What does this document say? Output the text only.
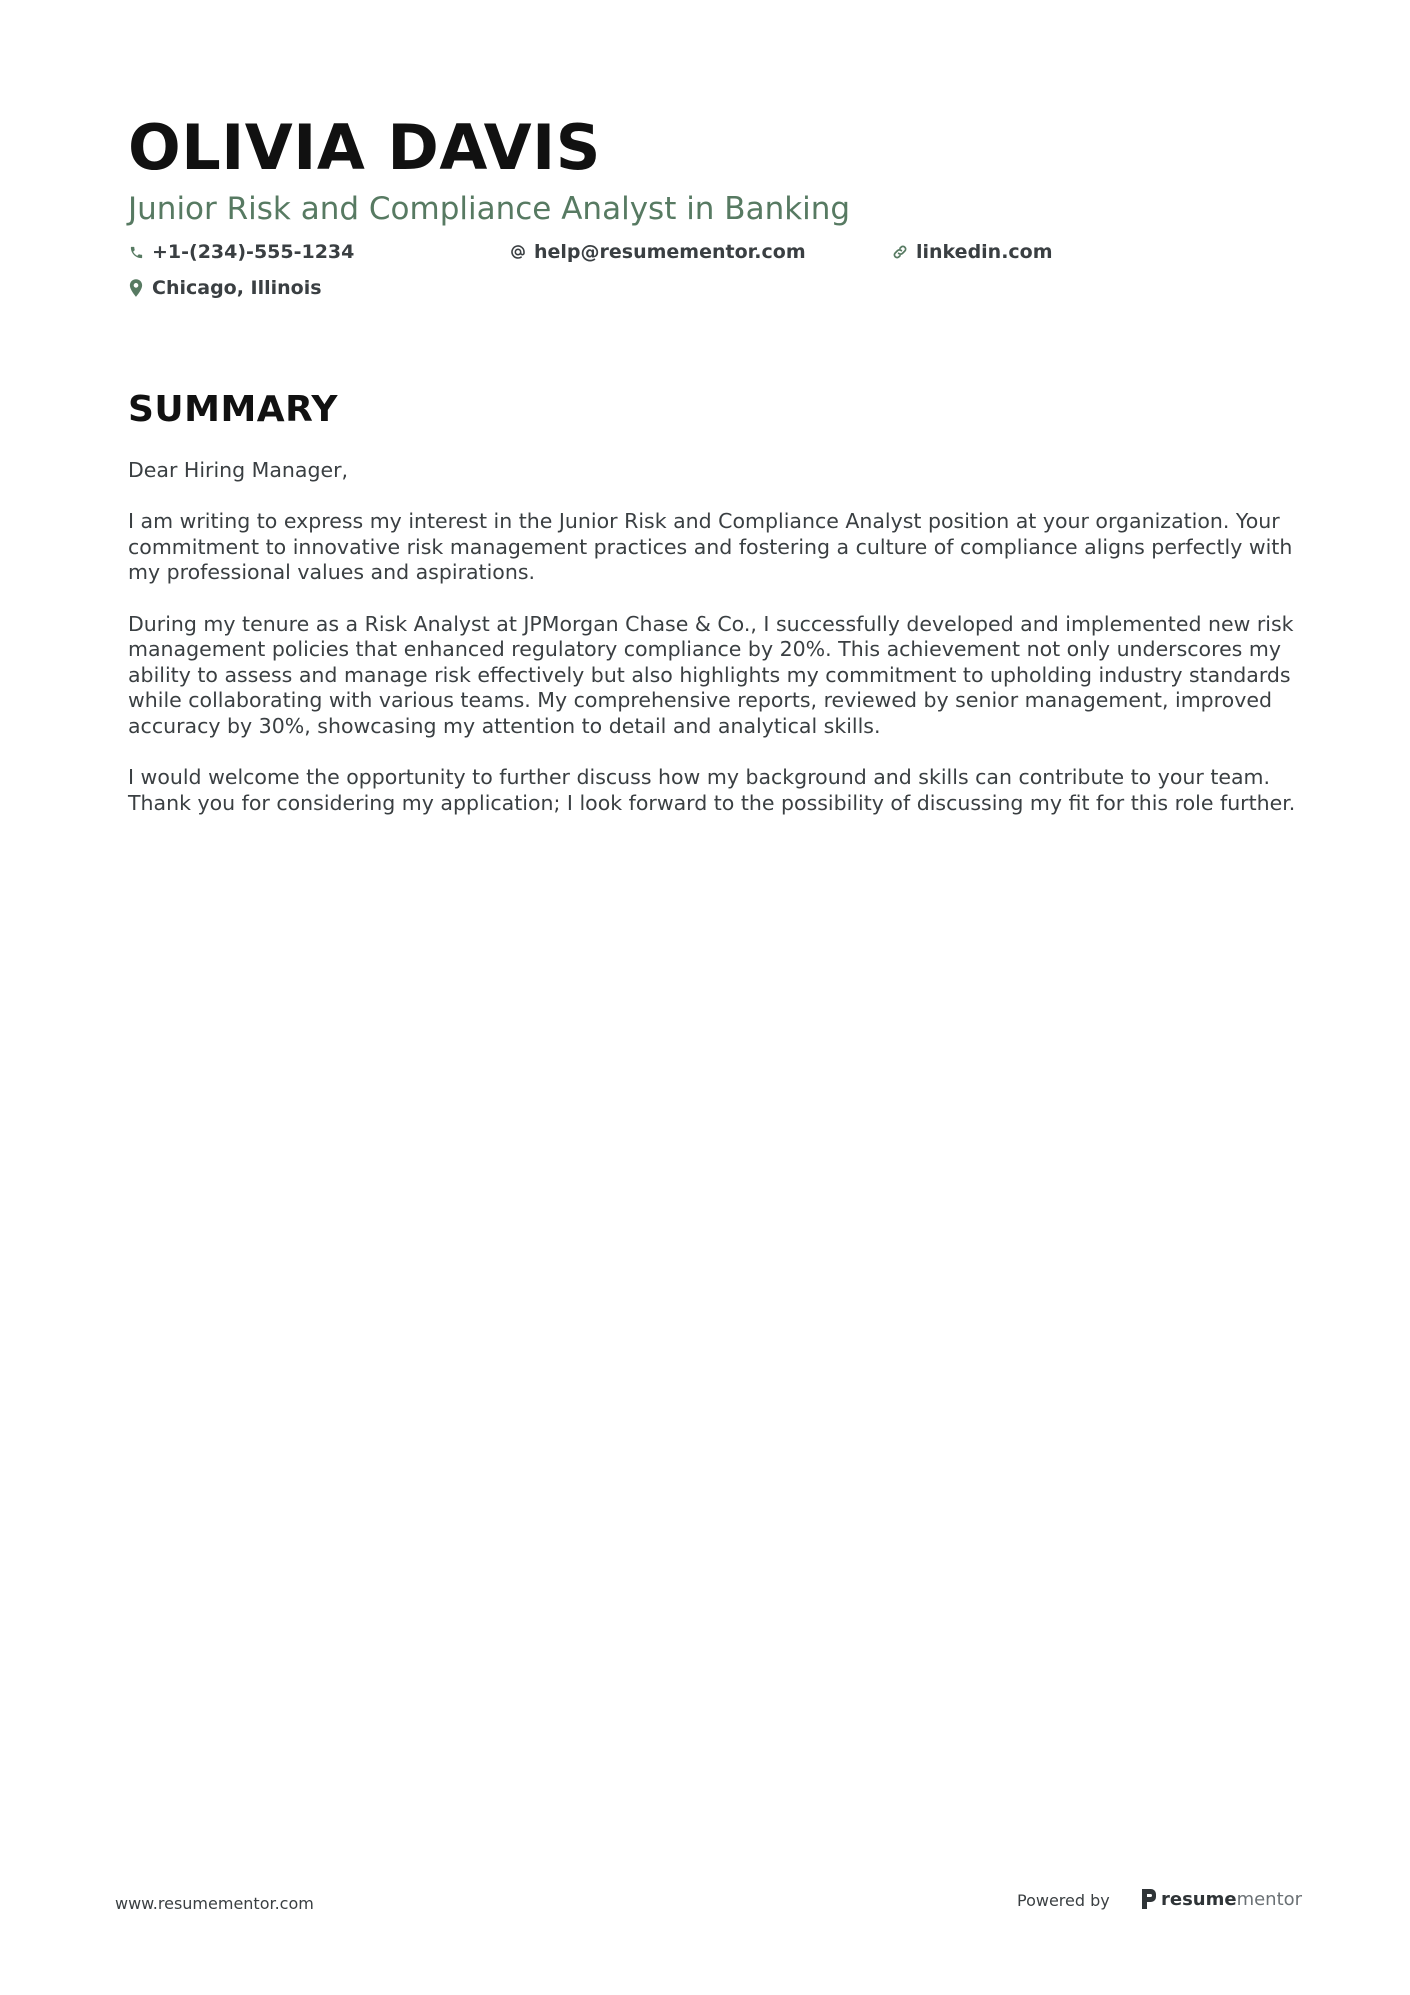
OLIVIA DAVIS
Junior Risk and Compliance Analyst in Banking
+1-(234)-555-1234	help@resumementor.com	linkedin.com
Chicago, Illinois
SUMMARY

Dear Hiring Manager,

I am writing to express my interest in the Junior Risk and Compliance Analyst position at your organization. Your commitment to innovative risk management practices and fostering a culture of compliance aligns perfectly with my professional values and aspirations.

During my tenure as a Risk Analyst at JPMorgan Chase & Co., I successfully developed and implemented new risk management policies that enhanced regulatory compliance by 20%. This achievement not only underscores my ability to assess and manage risk effectively but also highlights my commitment to upholding industry standards while collaborating with various teams. My comprehensive reports, reviewed by senior management, improved accuracy by 30%, showcasing my attention to detail and analytical skills.

I would welcome the opportunity to further discuss how my background and skills can contribute to your team. Thank you for considering my application; I look forward to the possibility of discussing my fit for this role further.

www.resumementor.com	Powered by	resume mentor
